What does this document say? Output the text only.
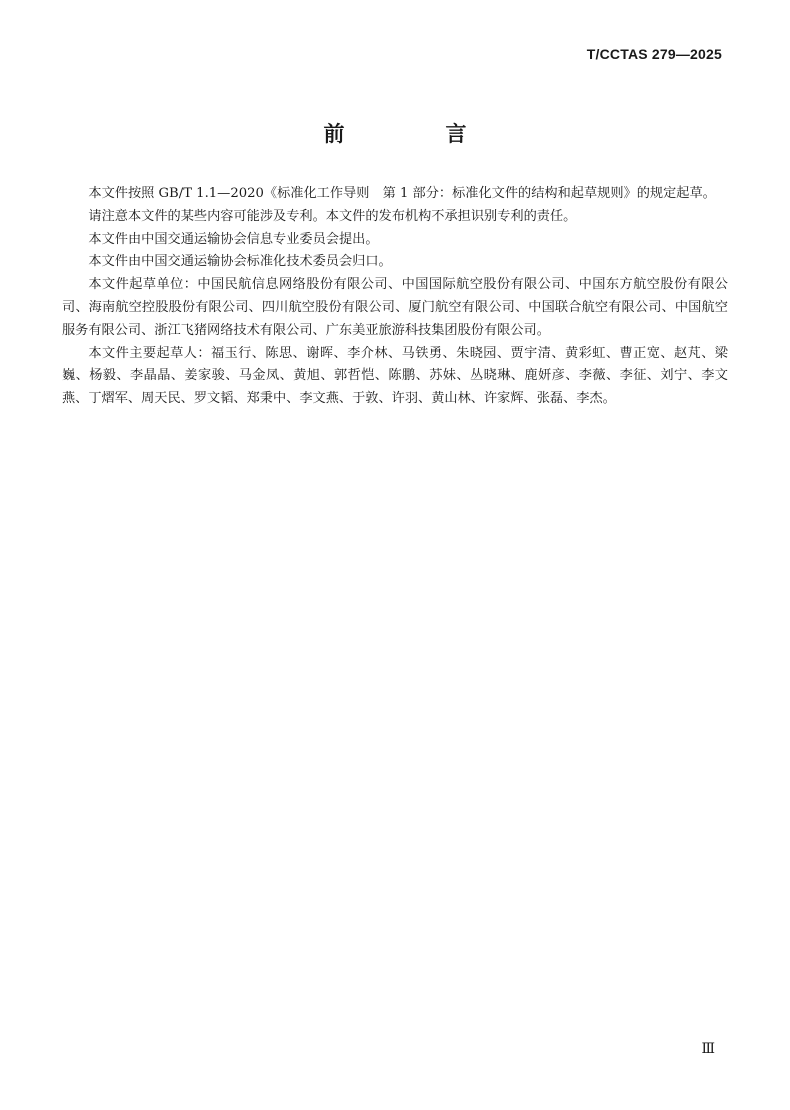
T/CCTAS 279—2025
前　言

本文件按照 GB/T 1.1—2020《标准化工作导则　第 1 部分：标准化文件的结构和起草规则》的规定起草。

请注意本文件的某些内容可能涉及专利。本文件的发布机构不承担识别专利的责任。

本文件由中国交通运输协会信息专业委员会提出。

本文件由中国交通运输协会标准化技术委员会归口。

本文件起草单位：中国民航信息网络股份有限公司、中国国际航空股份有限公司、中国东方航空股份有限公司、海南航空控股股份有限公司、四川航空股份有限公司、厦门航空有限公司、中国联合航空有限公司、中国航空服务有限公司、浙江飞猪网络技术有限公司、广东美亚旅游科技集团股份有限公司。

本文件主要起草人：福玉行、陈思、谢晖、李介林、马铁勇、朱晓园、贾宇清、黄彩虹、曹正宽、赵芃、梁巍、杨毅、李晶晶、姜家骏、马金凤、黄旭、郭哲恺、陈鹏、苏妹、丛晓琳、鹿妍彦、李薇、李征、刘宁、李文燕、丁熠军、周天民、罗文韬、郑秉中、李文燕、于敦、许羽、黄山林、许家辉、张磊、李杰。

Ⅲ
